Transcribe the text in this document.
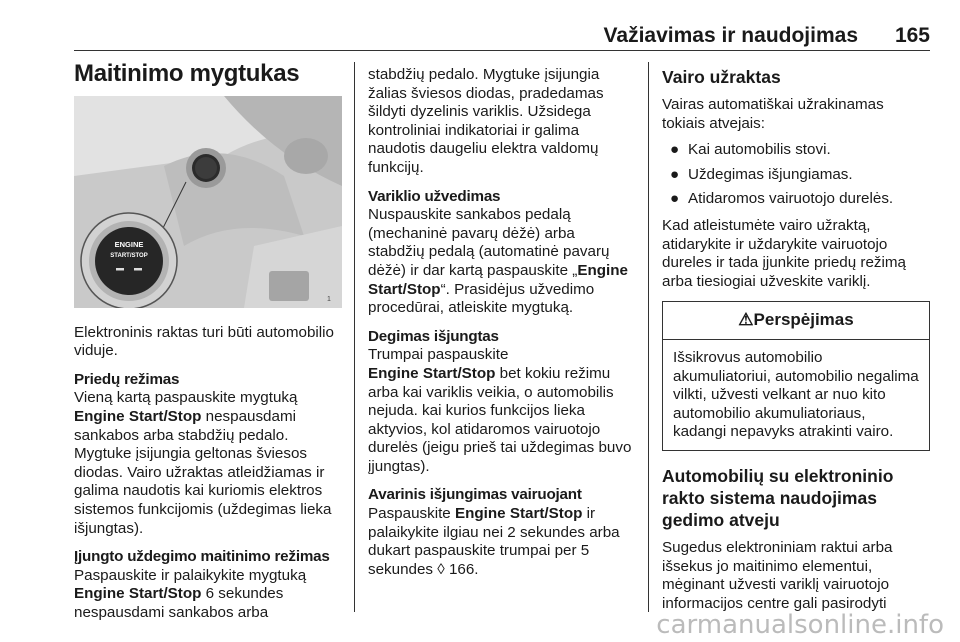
Važiavimas ir naudojimas 165
Maitinimo mygtukas
ENGINE
START/STOP
1

Elektroninis raktas turi būti automobilio viduje.

Priedų režimas
Vieną kartą paspauskite mygtuką Engine Start/Stop nespausdami sankabos arba stabdžių pedalo. Mygtuke įsijungia geltonas šviesos diodas. Vairo užraktas atleidžiamas ir galima naudotis kai kuriomis elektros sistemos funkcijomis (uždegimas lieka išjungtas).

Įjungto uždegimo maitinimo režimas
Paspauskite ir palaikykite mygtuką Engine Start/Stop 6 sekundes nespausdami sankabos arba

stabdžių pedalo. Mygtuke įsijungia žalias šviesos diodas, pradedamas šildyti dyzelinis variklis. Užsidega kontroliniai indikatoriai ir galima naudotis daugeliu elektra valdomų funkcijų.

Variklio užvedimas
Nuspauskite sankabos pedalą (mechaninė pavarų dėžė) arba stabdžių pedalą (automatinė pavarų dėžė) ir dar kartą paspauskite „Engine Start/Stop“. Prasidėjus užvedimo procedūrai, atleiskite mygtuką.

Degimas išjungtas
Trumpai paspauskite
Engine Start/Stop bet kokiu režimu arba kai variklis veikia, o automobilis nejuda. kai kurios funkcijos lieka aktyvios, kol atidaromos vairuotojo durelės (jeigu prieš tai uždegimas buvo įjungtas).

Avarinis išjungimas vairuojant
Paspauskite Engine Start/Stop ir palaikykite ilgiau nei 2 sekundes arba dukart paspauskite trumpai per 5 sekundes ◊ 166.

Vairo užraktas

Vairas automatiškai užrakinamas tokiais atvejais:

● Kai automobilis stovi.
● Uždegimas išjungiamas.
● Atidaromos vairuotojo durelės.

Kad atleistumėte vairo užraktą, atidarykite ir uždarykite vairuotojo dureles ir tada įjunkite priedų režimą arba tiesiogiai užveskite variklį.

⚠Perspėjimas
Išsikrovus automobilio akumuliatoriui, automobilio negalima vilkti, užvesti velkant ar nuo kito automobilio akumuliatoriaus, kadangi nepavyks atrakinti vairo.
Automobilių su elektroninio rakto sistema naudojimas gedimo atveju

Sugedus elektroniniam raktui arba išsekus jo maitinimo elementui, mėginant užvesti variklį vairuotojo informacijos centre gali pasirodyti

carmanualsonline.info
